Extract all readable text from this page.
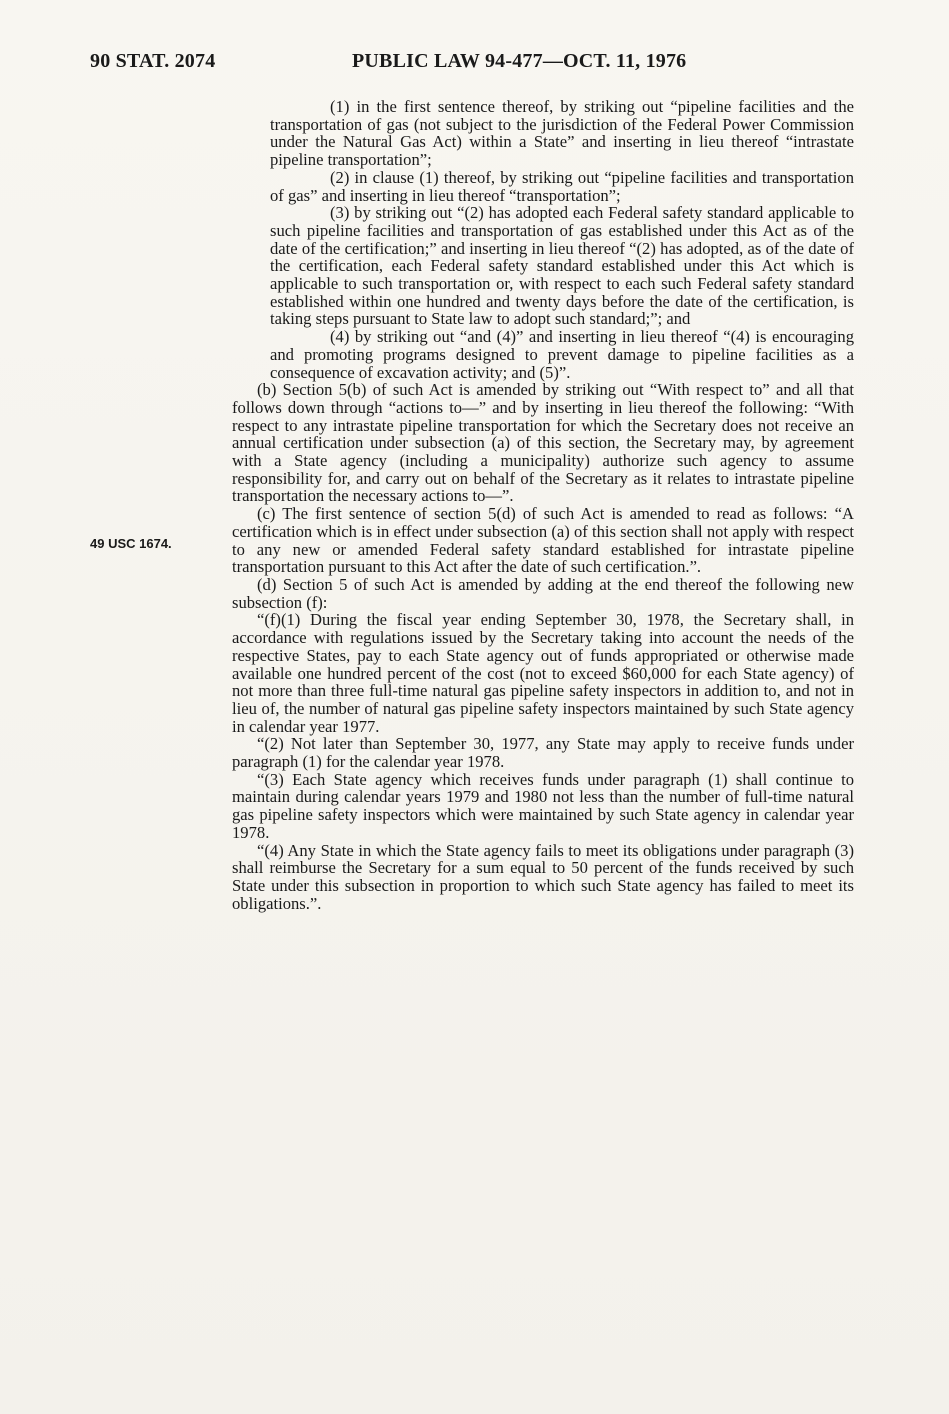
90 STAT. 2074	PUBLIC LAW 94-477—OCT. 11, 1976
49 USC 1674.

(1) in the first sentence thereof, by striking out “pipeline facilities and the transportation of gas (not subject to the jurisdiction of the Federal Power Commission under the Natural Gas Act) within a State” and inserting in lieu thereof “intrastate pipeline transportation”;

(2) in clause (1) thereof, by striking out “pipeline facilities and transportation of gas” and inserting in lieu thereof “transportation”;

(3) by striking out “(2) has adopted each Federal safety standard applicable to such pipeline facilities and transportation of gas established under this Act as of the date of the certification;” and inserting in lieu thereof “(2) has adopted, as of the date of the certification, each Federal safety standard established under this Act which is applicable to such transportation or, with respect to each such Federal safety standard established within one hundred and twenty days before the date of the certification, is taking steps pursuant to State law to adopt such standard;”; and

(4) by striking out “and (4)” and inserting in lieu thereof “(4) is encouraging and promoting programs designed to prevent damage to pipeline facilities as a consequence of excavation activity; and (5)”.

(b) Section 5(b) of such Act is amended by striking out “With respect to” and all that follows down through “actions to—” and by inserting in lieu thereof the following: “With respect to any intrastate pipeline transportation for which the Secretary does not receive an annual certification under subsection (a) of this section, the Secretary may, by agreement with a State agency (including a municipality) authorize such agency to assume responsibility for, and carry out on behalf of the Secretary as it relates to intrastate pipeline transportation the necessary actions to—”.

(c) The first sentence of section 5(d) of such Act is amended to read as follows: “A certification which is in effect under subsection (a) of this section shall not apply with respect to any new or amended Federal safety standard established for intrastate pipeline transportation pursuant to this Act after the date of such certification.”.

(d) Section 5 of such Act is amended by adding at the end thereof the following new subsection (f):

“(f)(1) During the fiscal year ending September 30, 1978, the Secretary shall, in accordance with regulations issued by the Secretary taking into account the needs of the respective States, pay to each State agency out of funds appropriated or otherwise made available one hundred percent of the cost (not to exceed $60,000 for each State agency) of not more than three full-time natural gas pipeline safety inspectors in addition to, and not in lieu of, the number of natural gas pipeline safety inspectors maintained by such State agency in calendar year 1977.

“(2) Not later than September 30, 1977, any State may apply to receive funds under paragraph (1) for the calendar year 1978.

“(3) Each State agency which receives funds under paragraph (1) shall continue to maintain during calendar years 1979 and 1980 not less than the number of full-time natural gas pipeline safety inspectors which were maintained by such State agency in calendar year 1978.

“(4) Any State in which the State agency fails to meet its obligations under paragraph (3) shall reimburse the Secretary for a sum equal to 50 percent of the funds received by such State under this subsection in proportion to which such State agency has failed to meet its obligations.”.
